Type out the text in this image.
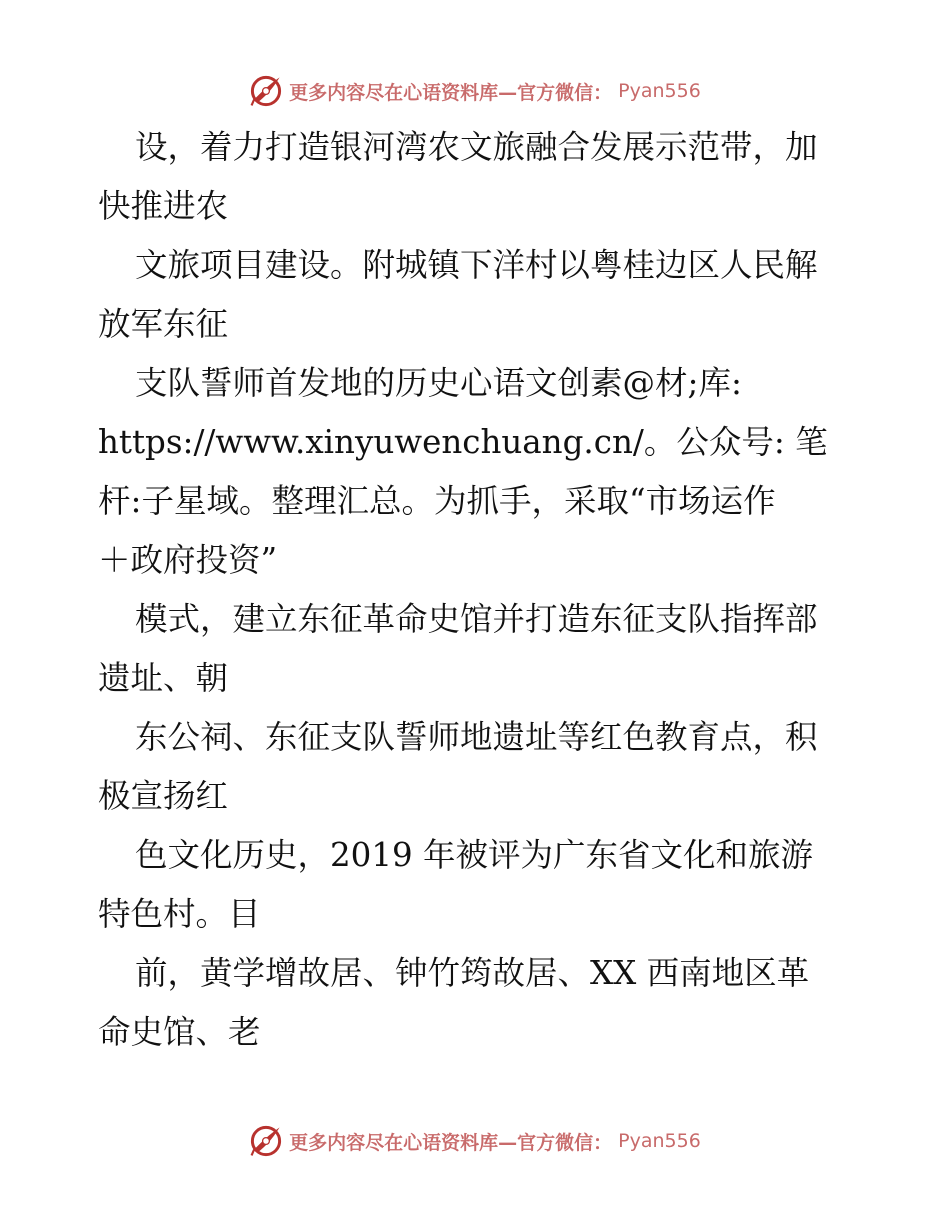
更多内容尽在心语资料库—官方微信： Pyan556
设，着力打造银河湾农文旅融合发展示范带，加
快推进农
文旅项目建设。附城镇下洋村以粤桂边区人民解
放军东征
支队誓师首发地的历史心语文创素@材;库:
https://www.xinyuwenchuang.cn/。公众号: 笔
杆:子星域。整理汇总。为抓手，采取“市场运作
＋政府投资”
模式，建立东征革命史馆并打造东征支队指挥部
遗址、朝
东公祠、东征支队誓师地遗址等红色教育点，积
极宣扬红
色文化历史，2019 年被评为广东省文化和旅游
特色村。目
前，黄学增故居、钟竹筠故居、XX 西南地区革
命史馆、老
更多内容尽在心语资料库—官方微信： Pyan556
